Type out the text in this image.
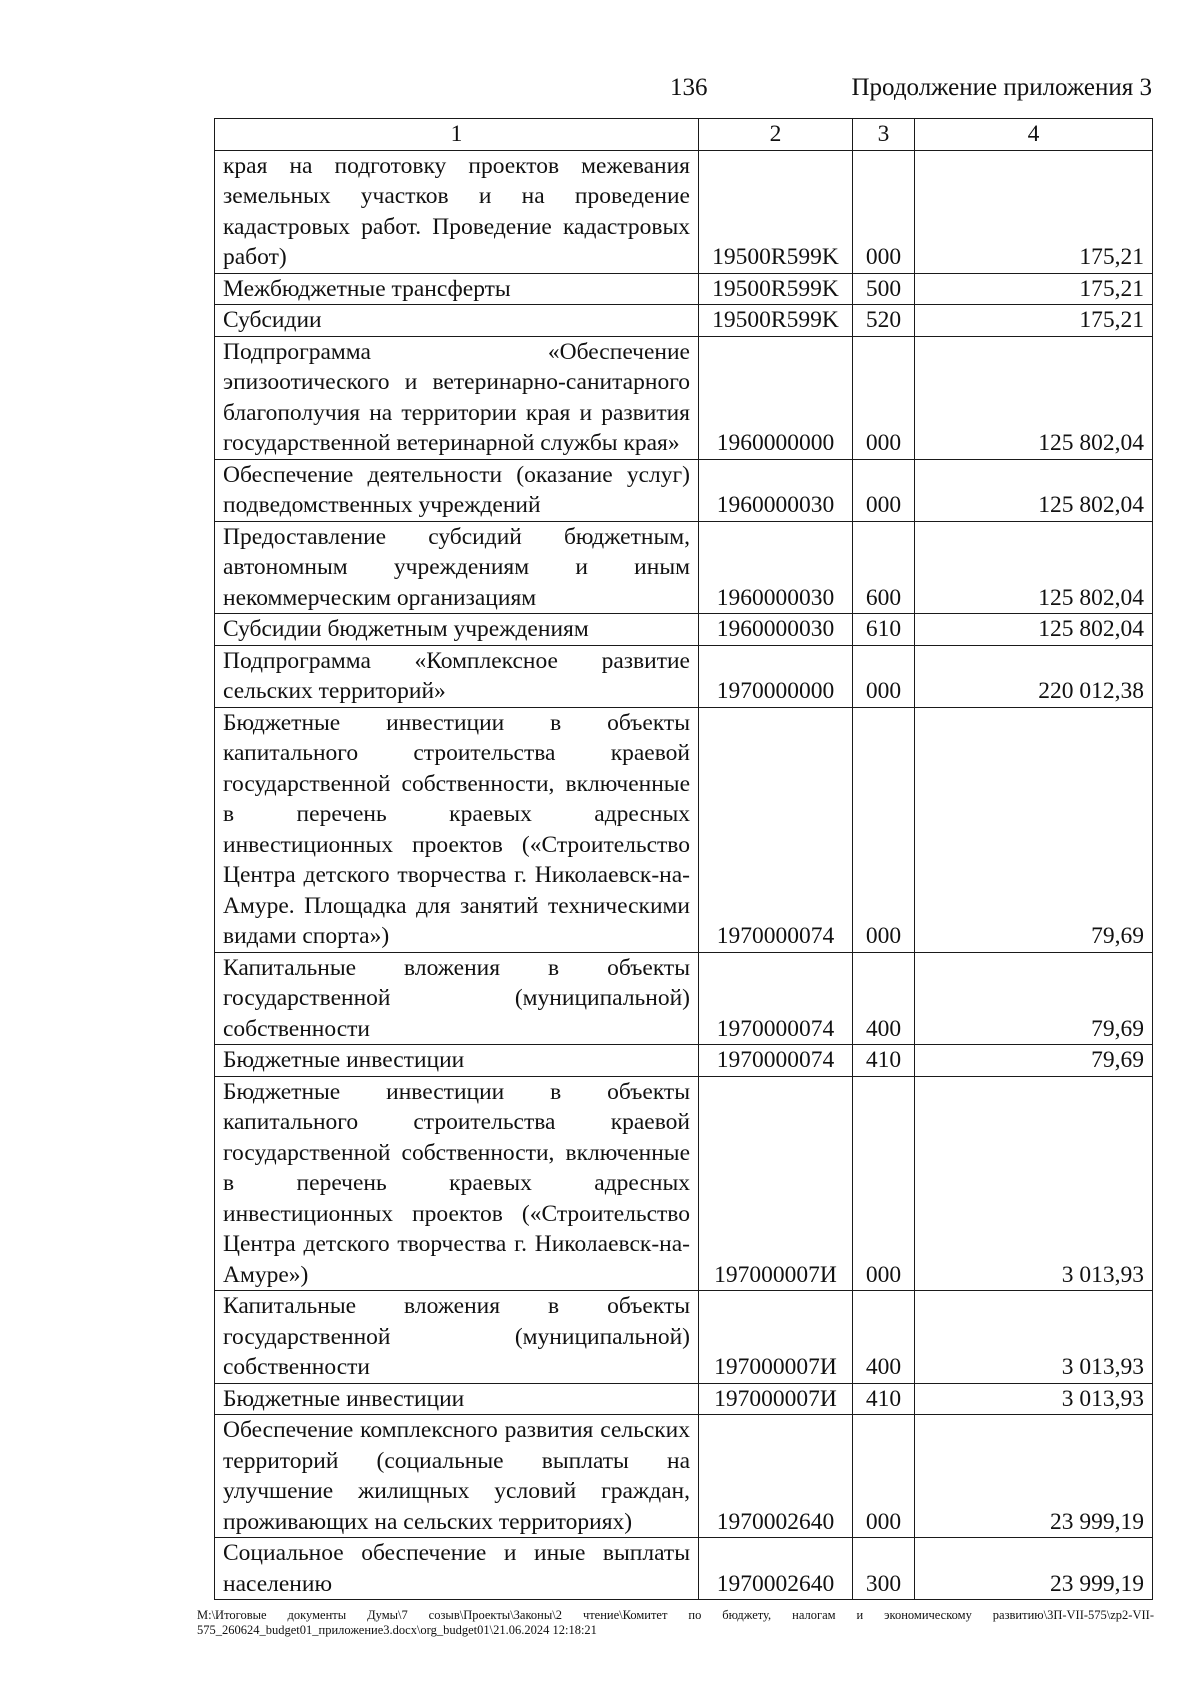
136	Продолжение приложения 3
1	2	3	4
края на подготовку проектов межевания земельных участков и на проведение кадастровых работ. Проведение кадастровых работ)	19500R599K	000	175,21
Межбюджетные трансферты	19500R599K	500	175,21
Субсидии	19500R599K	520	175,21
Подпрограмма «Обеспечение эпизоотического и ветеринарно-санитарного благополучия на территории края и развития государственной ветеринарной службы края»	1960000000	000	125 802,04
Обеспечение деятельности (оказание услуг) подведомственных учреждений	1960000030	000	125 802,04
Предоставление субсидий бюджетным, автономным учреждениям и иным некоммерческим организациям	1960000030	600	125 802,04
Субсидии бюджетным учреждениям	1960000030	610	125 802,04
Подпрограмма «Комплексное развитие сельских территорий»	1970000000	000	220 012,38
Бюджетные инвестиции в объекты капитального строительства краевой государственной собственности, включенные в перечень краевых адресных инвестиционных проектов («Строительство Центра детского творчества г. Николаевск-на-Амуре. Площадка для занятий техническими видами спорта»)	1970000074	000	79,69
Капитальные вложения в объекты государственной (муниципальной) собственности	1970000074	400	79,69
Бюджетные инвестиции	1970000074	410	79,69
Бюджетные инвестиции в объекты капитального строительства краевой государственной собственности, включенные в перечень краевых адресных инвестиционных проектов («Строительство Центра детского творчества г. Николаевск-на-Амуре»)	197000007И	000	3 013,93
Капитальные вложения в объекты государственной (муниципальной) собственности	197000007И	400	3 013,93
Бюджетные инвестиции	197000007И	410	3 013,93
Обеспечение комплексного развития сельских территорий (социальные выплаты на улучшение жилищных условий граждан, проживающих на сельских территориях)	1970002640	000	23 999,19
Социальное обеспечение и иные выплаты населению	1970002640	300	23 999,19
M:\Итоговые документы Думы\7 созыв\Проекты\Законы\2 чтение\Комитет по бюджету, налогам и экономическому развитию\3П-VII-575\zp2-VII-575_260624_budget01_приложение3.docx\org_budget01\21.06.2024 12:18:21
